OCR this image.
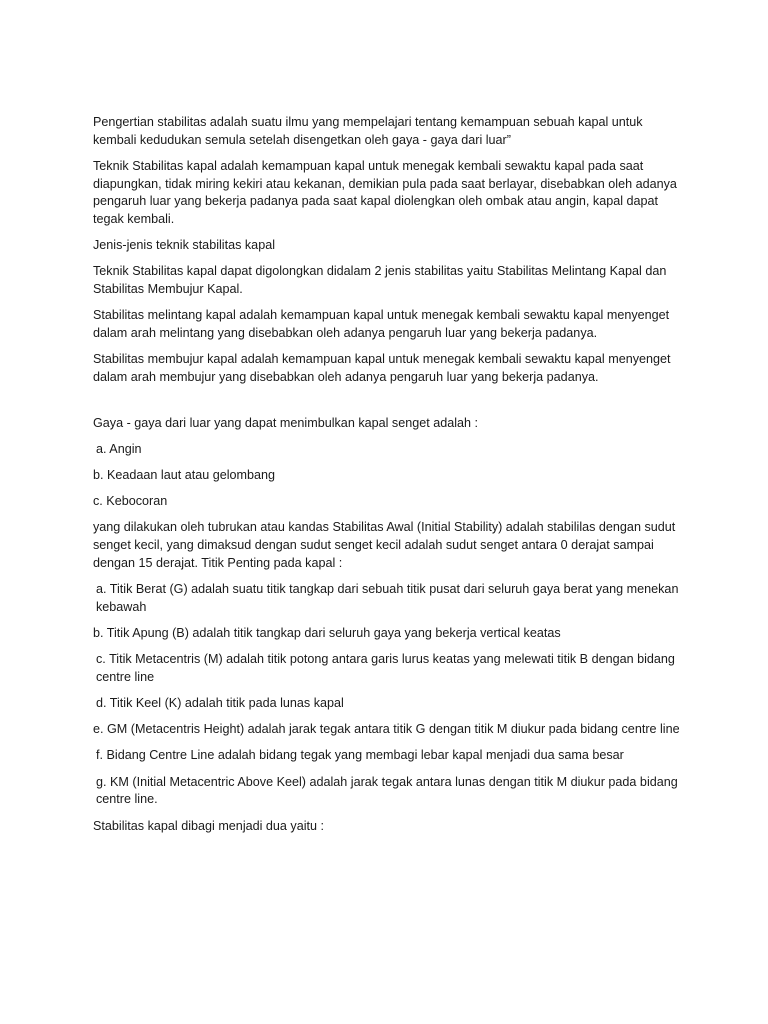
Pengertian stabilitas adalah suatu ilmu yang mempelajari tentang kemampuan sebuah kapal untuk kembali kedudukan semula setelah disengetkan oleh gaya - gaya dari luar”

Teknik Stabilitas kapal adalah kemampuan kapal untuk menegak kembali sewaktu kapal pada saat diapungkan, tidak miring kekiri atau kekanan, demikian pula pada saat berlayar, disebabkan oleh adanya pengaruh luar yang bekerja padanya pada saat kapal diolengkan oleh ombak atau angin, kapal dapat tegak kembali.

Jenis-jenis teknik stabilitas kapal

Teknik Stabilitas kapal dapat digolongkan didalam 2 jenis stabilitas yaitu Stabilitas Melintang Kapal dan Stabilitas Membujur Kapal.

Stabilitas melintang kapal adalah kemampuan kapal untuk menegak kembali sewaktu kapal menyenget dalam arah melintang yang disebabkan oleh adanya pengaruh luar yang bekerja padanya.

Stabilitas membujur kapal adalah kemampuan kapal untuk menegak kembali sewaktu kapal menyenget dalam arah membujur yang disebabkan oleh adanya pengaruh luar yang bekerja padanya.

Gaya - gaya dari luar yang dapat menimbulkan kapal senget adalah :

a. Angin

b. Keadaan laut atau gelombang

c. Kebocoran

yang dilakukan oleh tubrukan atau kandas Stabilitas Awal (Initial Stability) adalah stabililas dengan sudut senget kecil, yang dimaksud dengan sudut senget kecil adalah sudut senget antara 0 derajat sampai dengan 15 derajat. Titik Penting pada kapal :

a. Titik Berat (G) adalah suatu titik tangkap dari sebuah titik pusat dari seluruh gaya berat yang menekan kebawah

b. Titik Apung (B) adalah titik tangkap dari seluruh gaya yang bekerja vertical keatas

c. Titik Metacentris (M) adalah titik potong antara garis lurus keatas yang melewati titik B dengan bidang centre line

d. Titik Keel (K) adalah titik pada lunas kapal

e. GM (Metacentris Height) adalah jarak tegak antara titik G dengan titik M diukur pada bidang centre line

f. Bidang Centre Line adalah bidang tegak yang membagi lebar kapal menjadi dua sama besar

g. KM (Initial Metacentric Above Keel) adalah jarak tegak antara lunas dengan titik M diukur pada bidang centre line.

Stabilitas kapal dibagi menjadi dua yaitu :
